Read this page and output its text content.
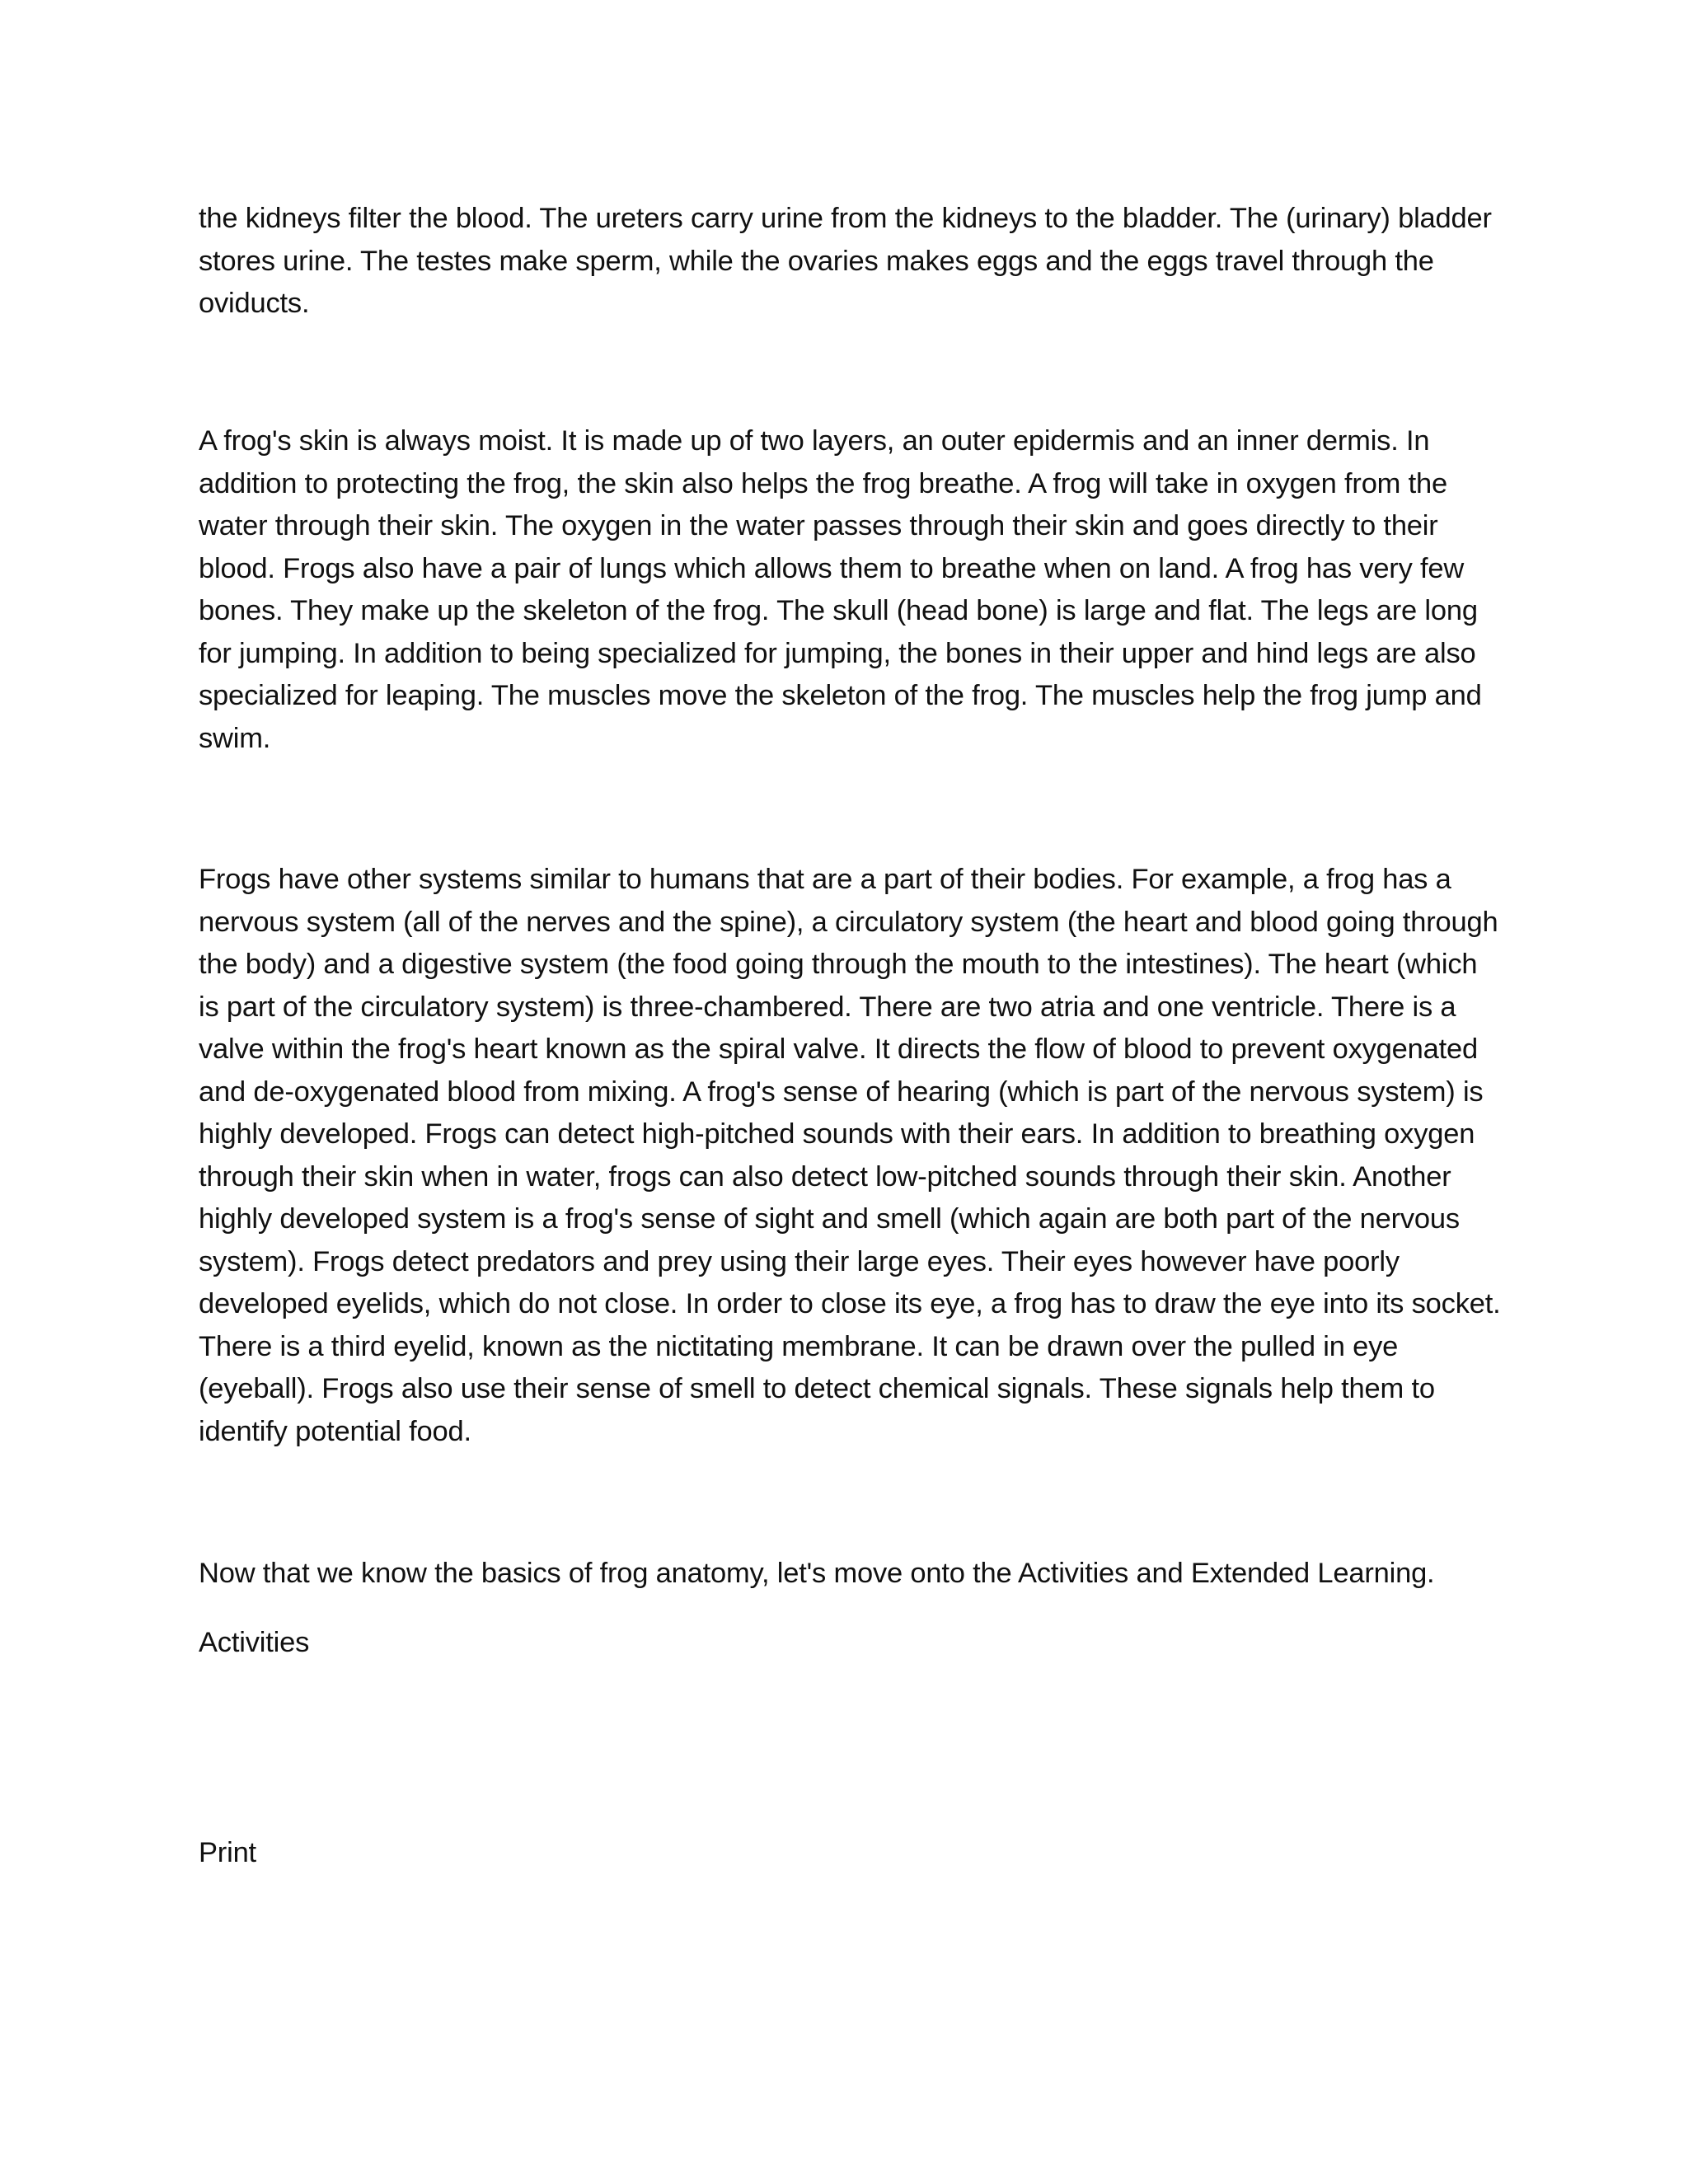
the kidneys filter the blood. The ureters carry urine from the kidneys to the bladder. The (urinary) bladder stores urine. The testes make sperm, while the ovaries makes eggs and the eggs travel through the oviducts.

A frog's skin is always moist. It is made up of two layers, an outer epidermis and an inner dermis. In addition to protecting the frog, the skin also helps the frog breathe. A frog will take in oxygen from the water through their skin. The oxygen in the water passes through their skin and goes directly to their blood. Frogs also have a pair of lungs which allows them to breathe when on land. A frog has very few bones. They make up the skeleton of the frog. The skull (head bone) is large and flat. The legs are long for jumping. In addition to being specialized for jumping, the bones in their upper and hind legs are also specialized for leaping. The muscles move the skeleton of the frog. The muscles help the frog jump and swim.

Frogs have other systems similar to humans that are a part of their bodies. For example, a frog has a nervous system (all of the nerves and the spine), a circulatory system (the heart and blood going through the body) and a digestive system (the food going through the mouth to the intestines). The heart (which is part of the circulatory system) is three-chambered. There are two atria and one ventricle. There is a valve within the frog's heart known as the spiral valve. It directs the flow of blood to prevent oxygenated and de-oxygenated blood from mixing. A frog's sense of hearing (which is part of the nervous system) is highly developed. Frogs can detect high-pitched sounds with their ears. In addition to breathing oxygen through their skin when in water, frogs can also detect low-pitched sounds through their skin. Another highly developed system is a frog's sense of sight and smell (which again are both part of the nervous system). Frogs detect predators and prey using their large eyes. Their eyes however have poorly developed eyelids, which do not close. In order to close its eye, a frog has to draw the eye into its socket. There is a third eyelid, known as the nictitating membrane. It can be drawn over the pulled in eye (eyeball). Frogs also use their sense of smell to detect chemical signals. These signals help them to identify potential food.

Now that we know the basics of frog anatomy, let's move onto the Activities and Extended Learning.

Activities

Print
